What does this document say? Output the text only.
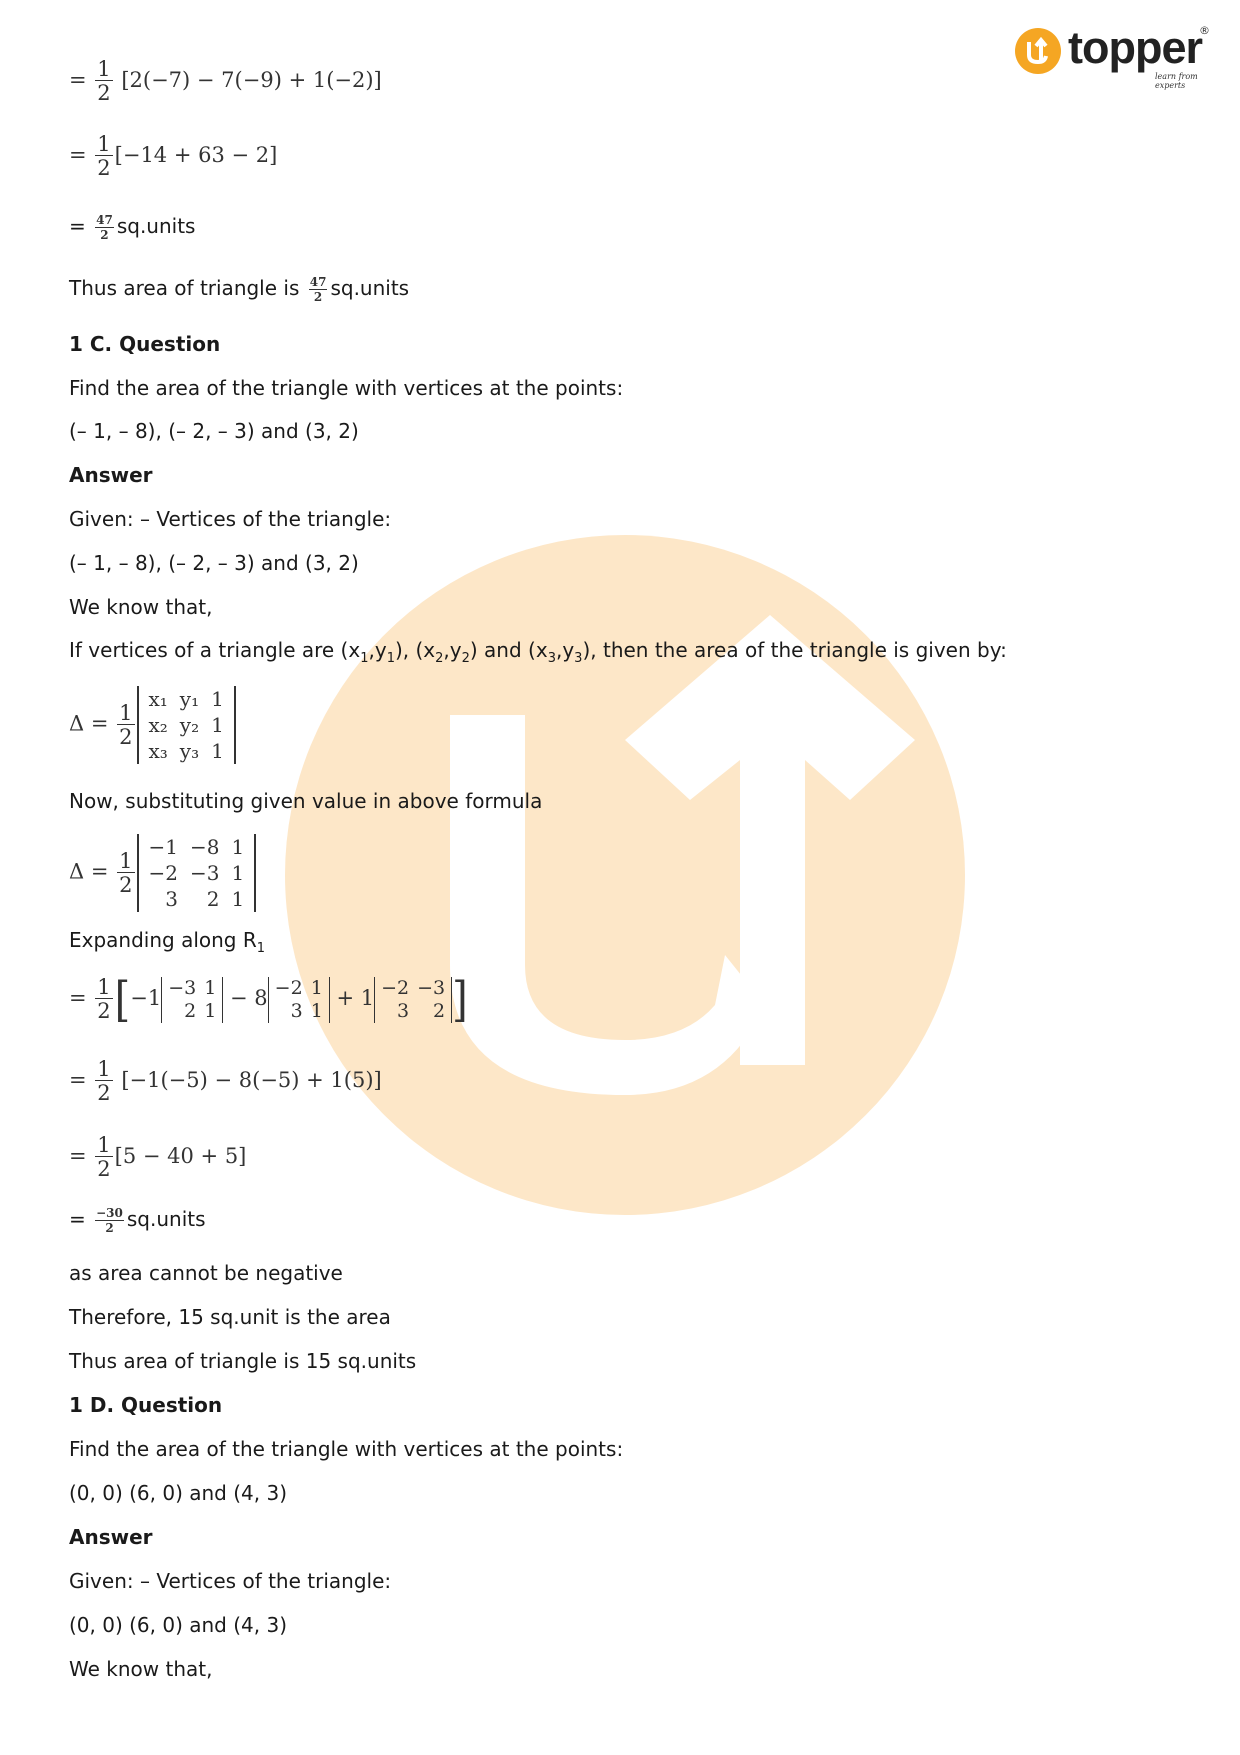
topper
®
learn from experts
= $\frac{1}{2} [2(-7) - 7(-9) + 1(-2)]$
= $\frac{1}{2} [-14 + 63 - 2]$
= $\frac{47}{2}$ sq.units
Thus area of triangle is $\frac{47}{2}$ sq.units
1 C. Question
Find the area of the triangle with vertices at the points:
(– 1, – 8), (– 2, – 3) and (3, 2)
Answer
Given: – Vertices of the triangle:
(– 1, – 8), (– 2, – 3) and (3, 2)
We know that,
If vertices of a triangle are $(x_1,y_1)$, $(x_2,y_2)$ and $(x_3,y_3)$, then the area of the triangle is given by:
$\Delta = \frac{1}{2}$
x₁	y₁	1
x₂	y₂	1
x₃	y₃	1
Now, substituting given value in above formula
$\Delta = \frac{1}{2}$
−1	−8	1
−2	−3	1
3	2	1
Expanding along $R_1$
= $\frac{1}{2} [-1 -3$	1
2	1
− 8 −2	1
3	1
+ 1 −2	−3
3	2 ]
= $\frac{1}{2} [-1(-5) - 8(-5) + 1(5)]$
= $\frac{1}{2} [5 - 40 + 5]$
= $\frac{-30}{2}$ sq.units
as area cannot be negative
Therefore, 15 sq.unit is the area
Thus area of triangle is 15 sq.units
1 D. Question
Find the area of the triangle with vertices at the points:
(0, 0) (6, 0) and (4, 3)
Answer
Given: – Vertices of the triangle:
(0, 0) (6, 0) and (4, 3)
We know that,
